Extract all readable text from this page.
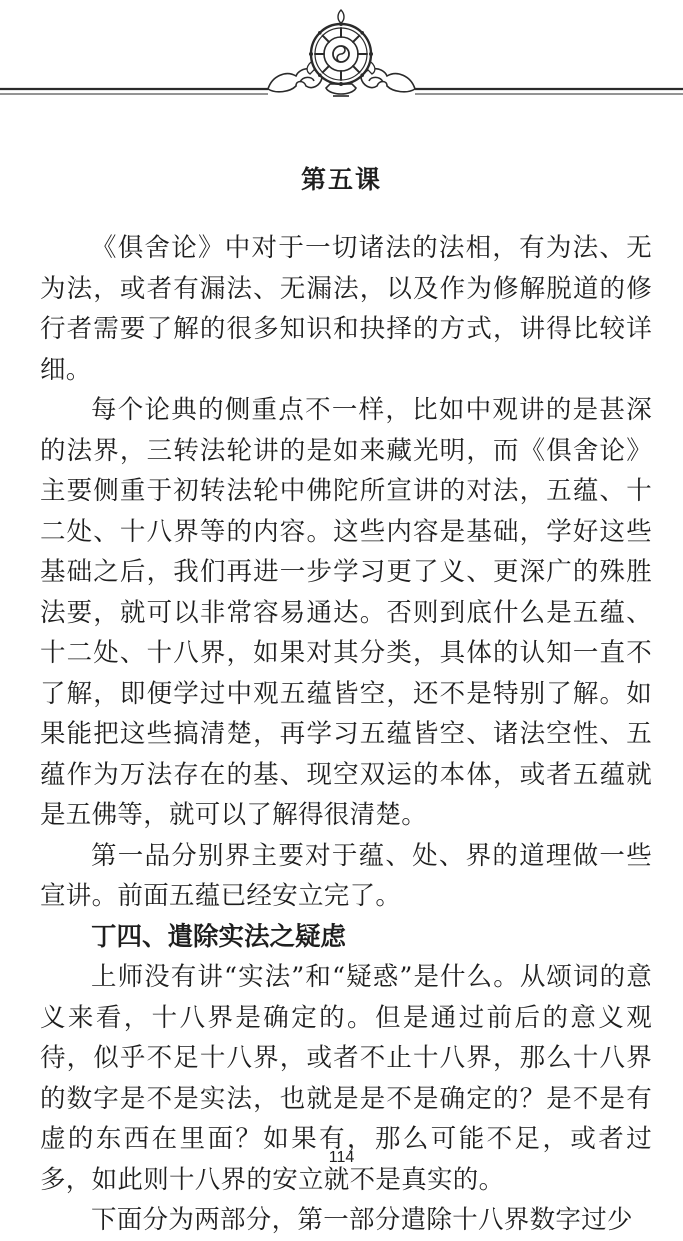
第五课

《俱舍论》中对于一切诸法的法相，有为法、无为法，或者有漏法、无漏法，以及作为修解脱道的修行者需要了解的很多知识和抉择的方式，讲得比较详细。

每个论典的侧重点不一样，比如中观讲的是甚深的法界，三转法轮讲的是如来藏光明，而《俱舍论》主要侧重于初转法轮中佛陀所宣讲的对法，五蕴、十二处、十八界等的内容。这些内容是基础，学好这些基础之后，我们再进一步学习更了义、更深广的殊胜法要，就可以非常容易通达。否则到底什么是五蕴、十二处、十八界，如果对其分类，具体的认知一直不了解，即便学过中观五蕴皆空，还不是特别了解。如果能把这些搞清楚，再学习五蕴皆空、诸法空性、五蕴作为万法存在的基、现空双运的本体，或者五蕴就是五佛等，就可以了解得很清楚。

第一品分别界主要对于蕴、处、界的道理做一些宣讲。前面五蕴已经安立完了。

丁四、遣除实法之疑虑

上师没有讲“实法”和“疑惑”是什么。从颂词的意义来看，十八界是确定的。但是通过前后的意义观待，似乎不足十八界，或者不止十八界，那么十八界的数字是不是实法，也就是是不是确定的？是不是有虚的东西在里面？如果有，那么可能不足，或者过多，如此则十八界的安立就不是真实的。

下面分为两部分，第一部分遣除十八界数字过少

114
